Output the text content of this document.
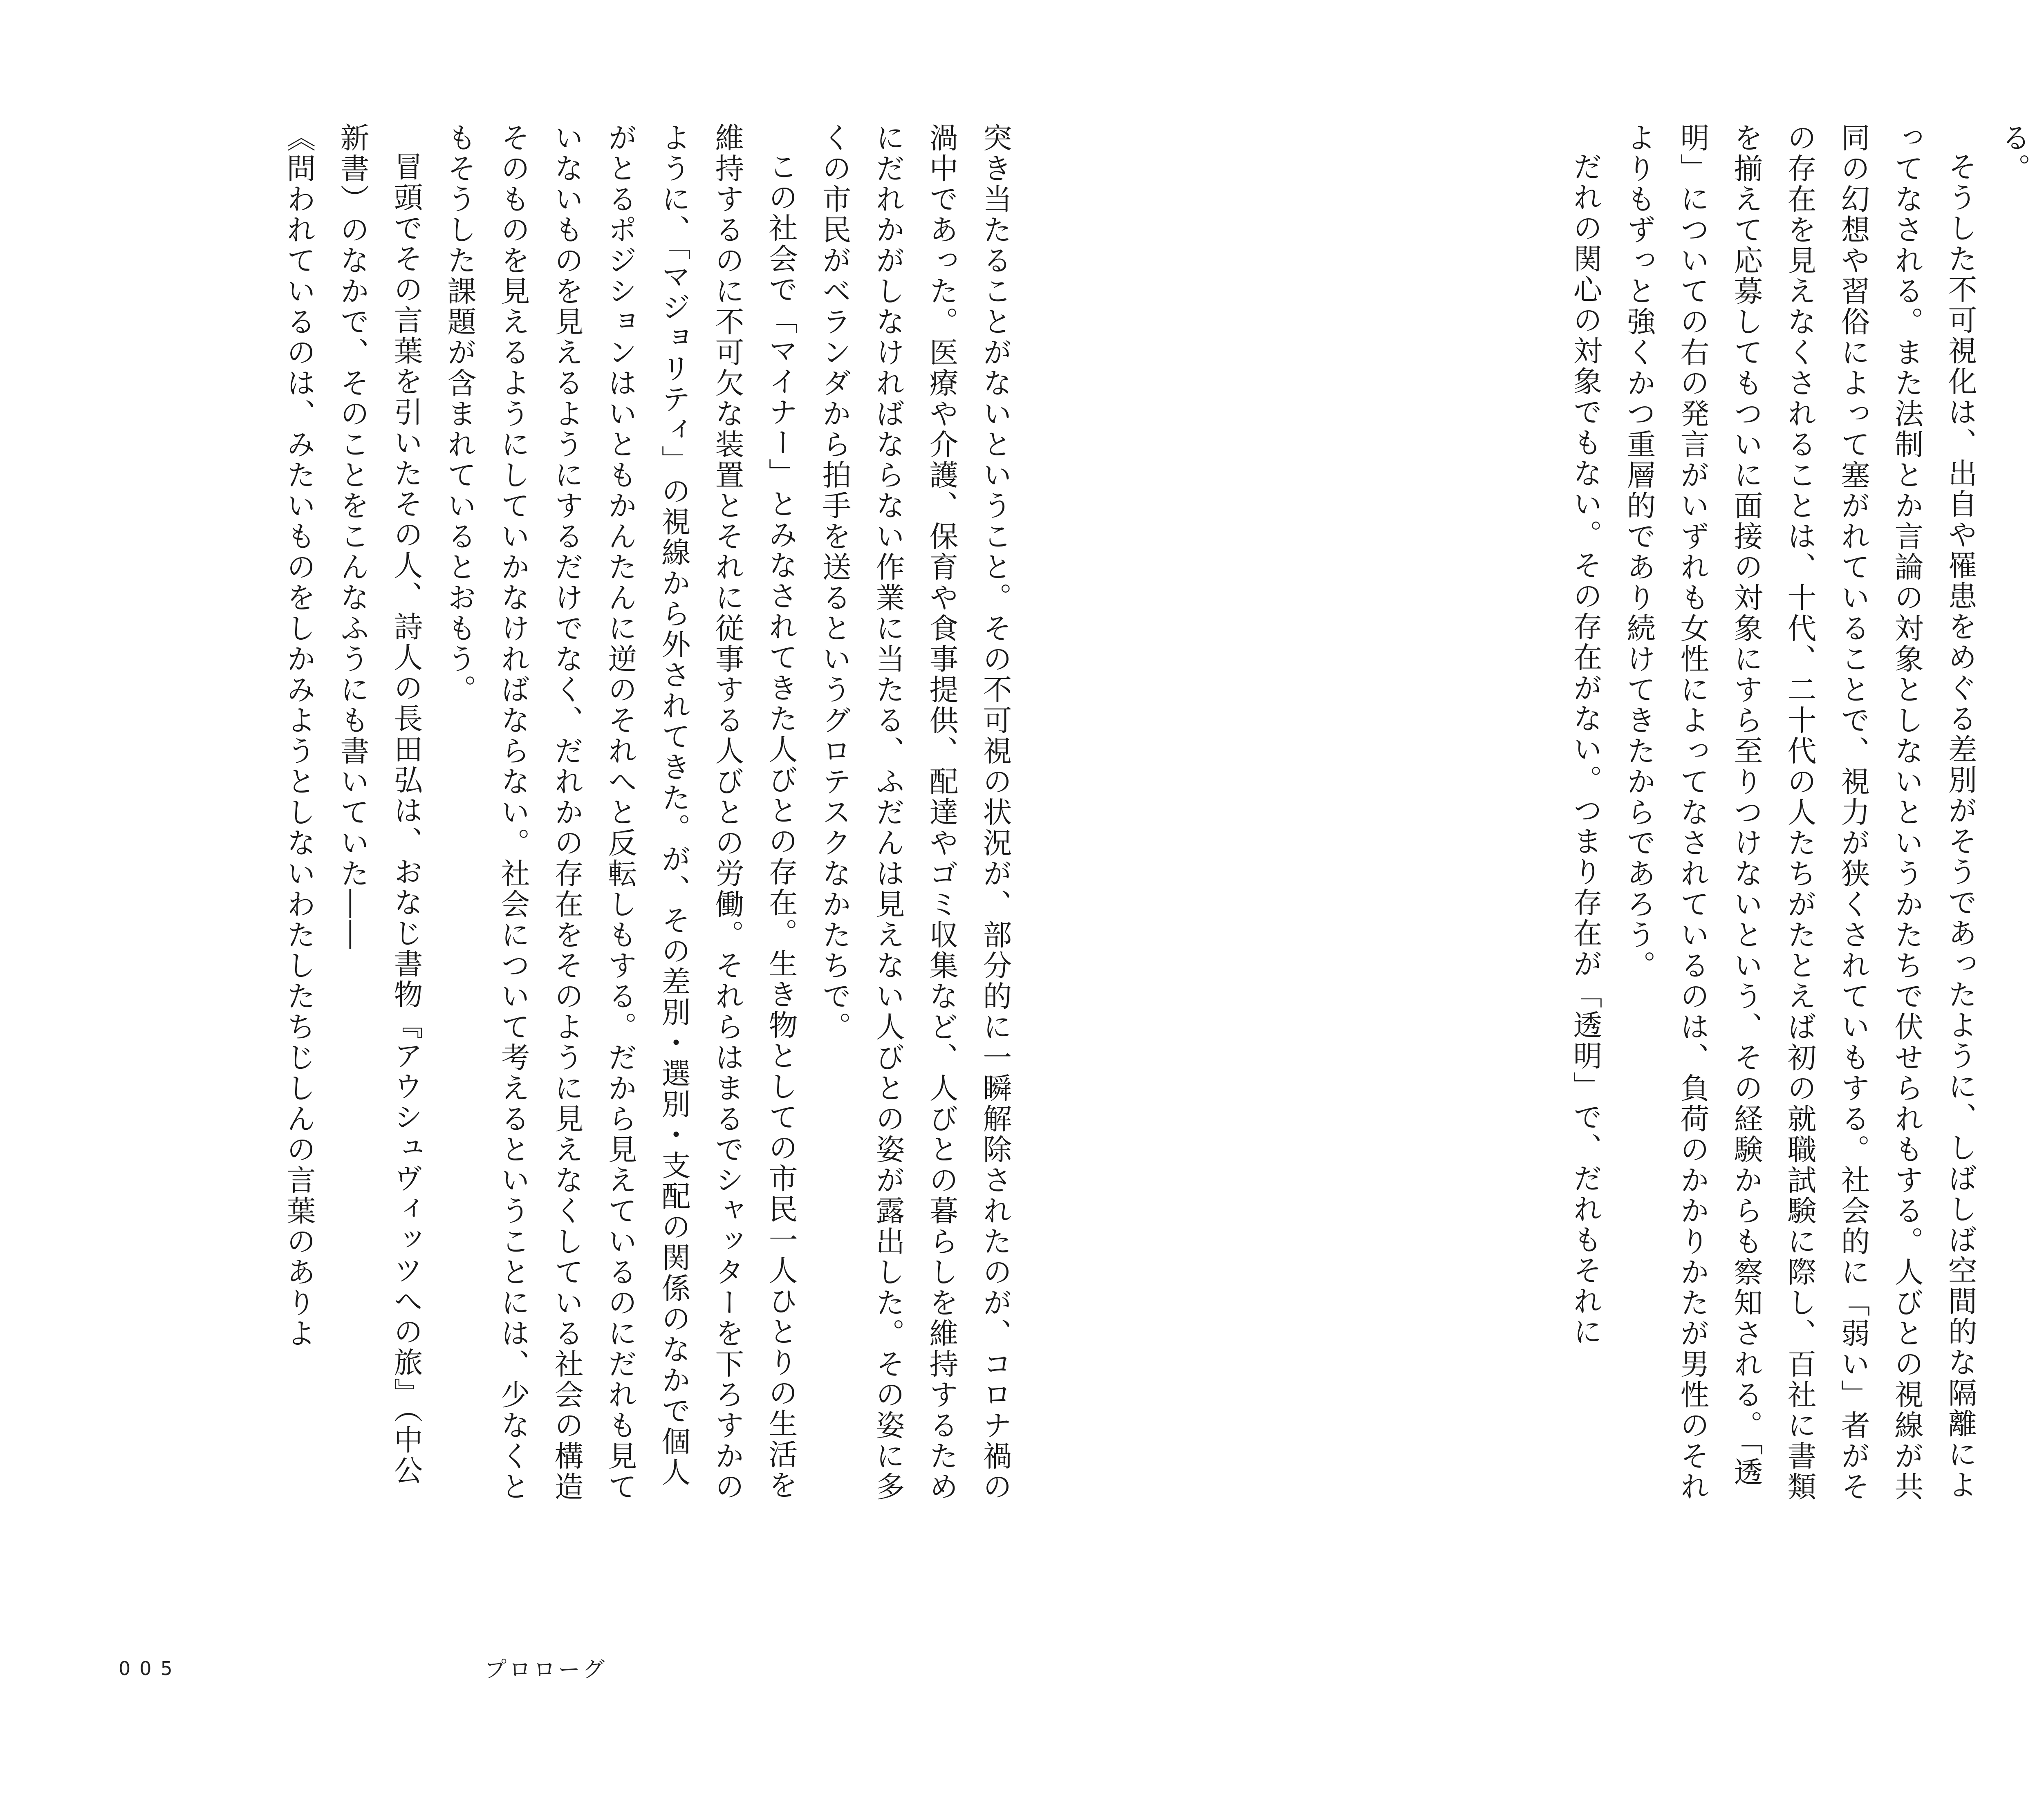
突き当たることがないということ。その不可視の状況が、部分的に一瞬解除されたのが、コロナ禍の渦中であった。医療や介護、保育や食事提供、配達やゴミ収集など、人びとの暮らしを維持するためにだれかがしなければならない作業に当たる、ふだんは見えない人びとの姿が露出した。その姿に多くの市民がベランダから拍手を送るというグロテスクなかたちで。

この社会で「マイナー」とみなされてきた人びとの存在。生き物としての市民一人ひとりの生活を維持するのに不可欠な装置とそれに従事する人びとの労働。それらはまるでシャッターを下ろすかのように、「マジョリティ」の視線から外されてきた。が、その差別・選別・支配の関係のなかで個人がとるポジションはいともかんたんに逆のそれへと反転しもする。だから見えているのにだれも見ていないものを見えるようにするだけでなく、だれかの存在をそのように見えなくしている社会の構造そのものを見えるようにしていかなければならない。社会について考えるということには、少なくともそうした課題が含まれているとおもう。

冒頭でその言葉を引いたその人、詩人の長田弘は、おなじ書物『アウシュヴィッツへの旅』（中公新書）のなかで、そのことをこんなふうにも書いていた――

《問われているのは、みたいものをしかみようとしないわたしたちじしんの言葉のありよ

005	プロローグ

る。

そうした不可視化は、出自や罹患をめぐる差別がそうであったように、しばしば空間的な隔離によってなされる。また法制とか言論の対象としないというかたちで伏せられもする。人びとの視線が共同の幻想や習俗によって塞がれていることで、視力が狭くされていもする。社会的に「弱い」者がその存在を見えなくされることは、十代、二十代の人たちがたとえば初の就職試験に際し、百社に書類を揃えて応募してもついに面接の対象にすら至りつけないという、その経験からも察知される。「透明」についての右の発言がいずれも女性によってなされているのは、負荷のかかりかたが男性のそれよりもずっと強くかつ重層的であり続けてきたからであろう。

だれの関心の対象でもない。その存在がない。つまり存在が「透明」で、だれもそれに
